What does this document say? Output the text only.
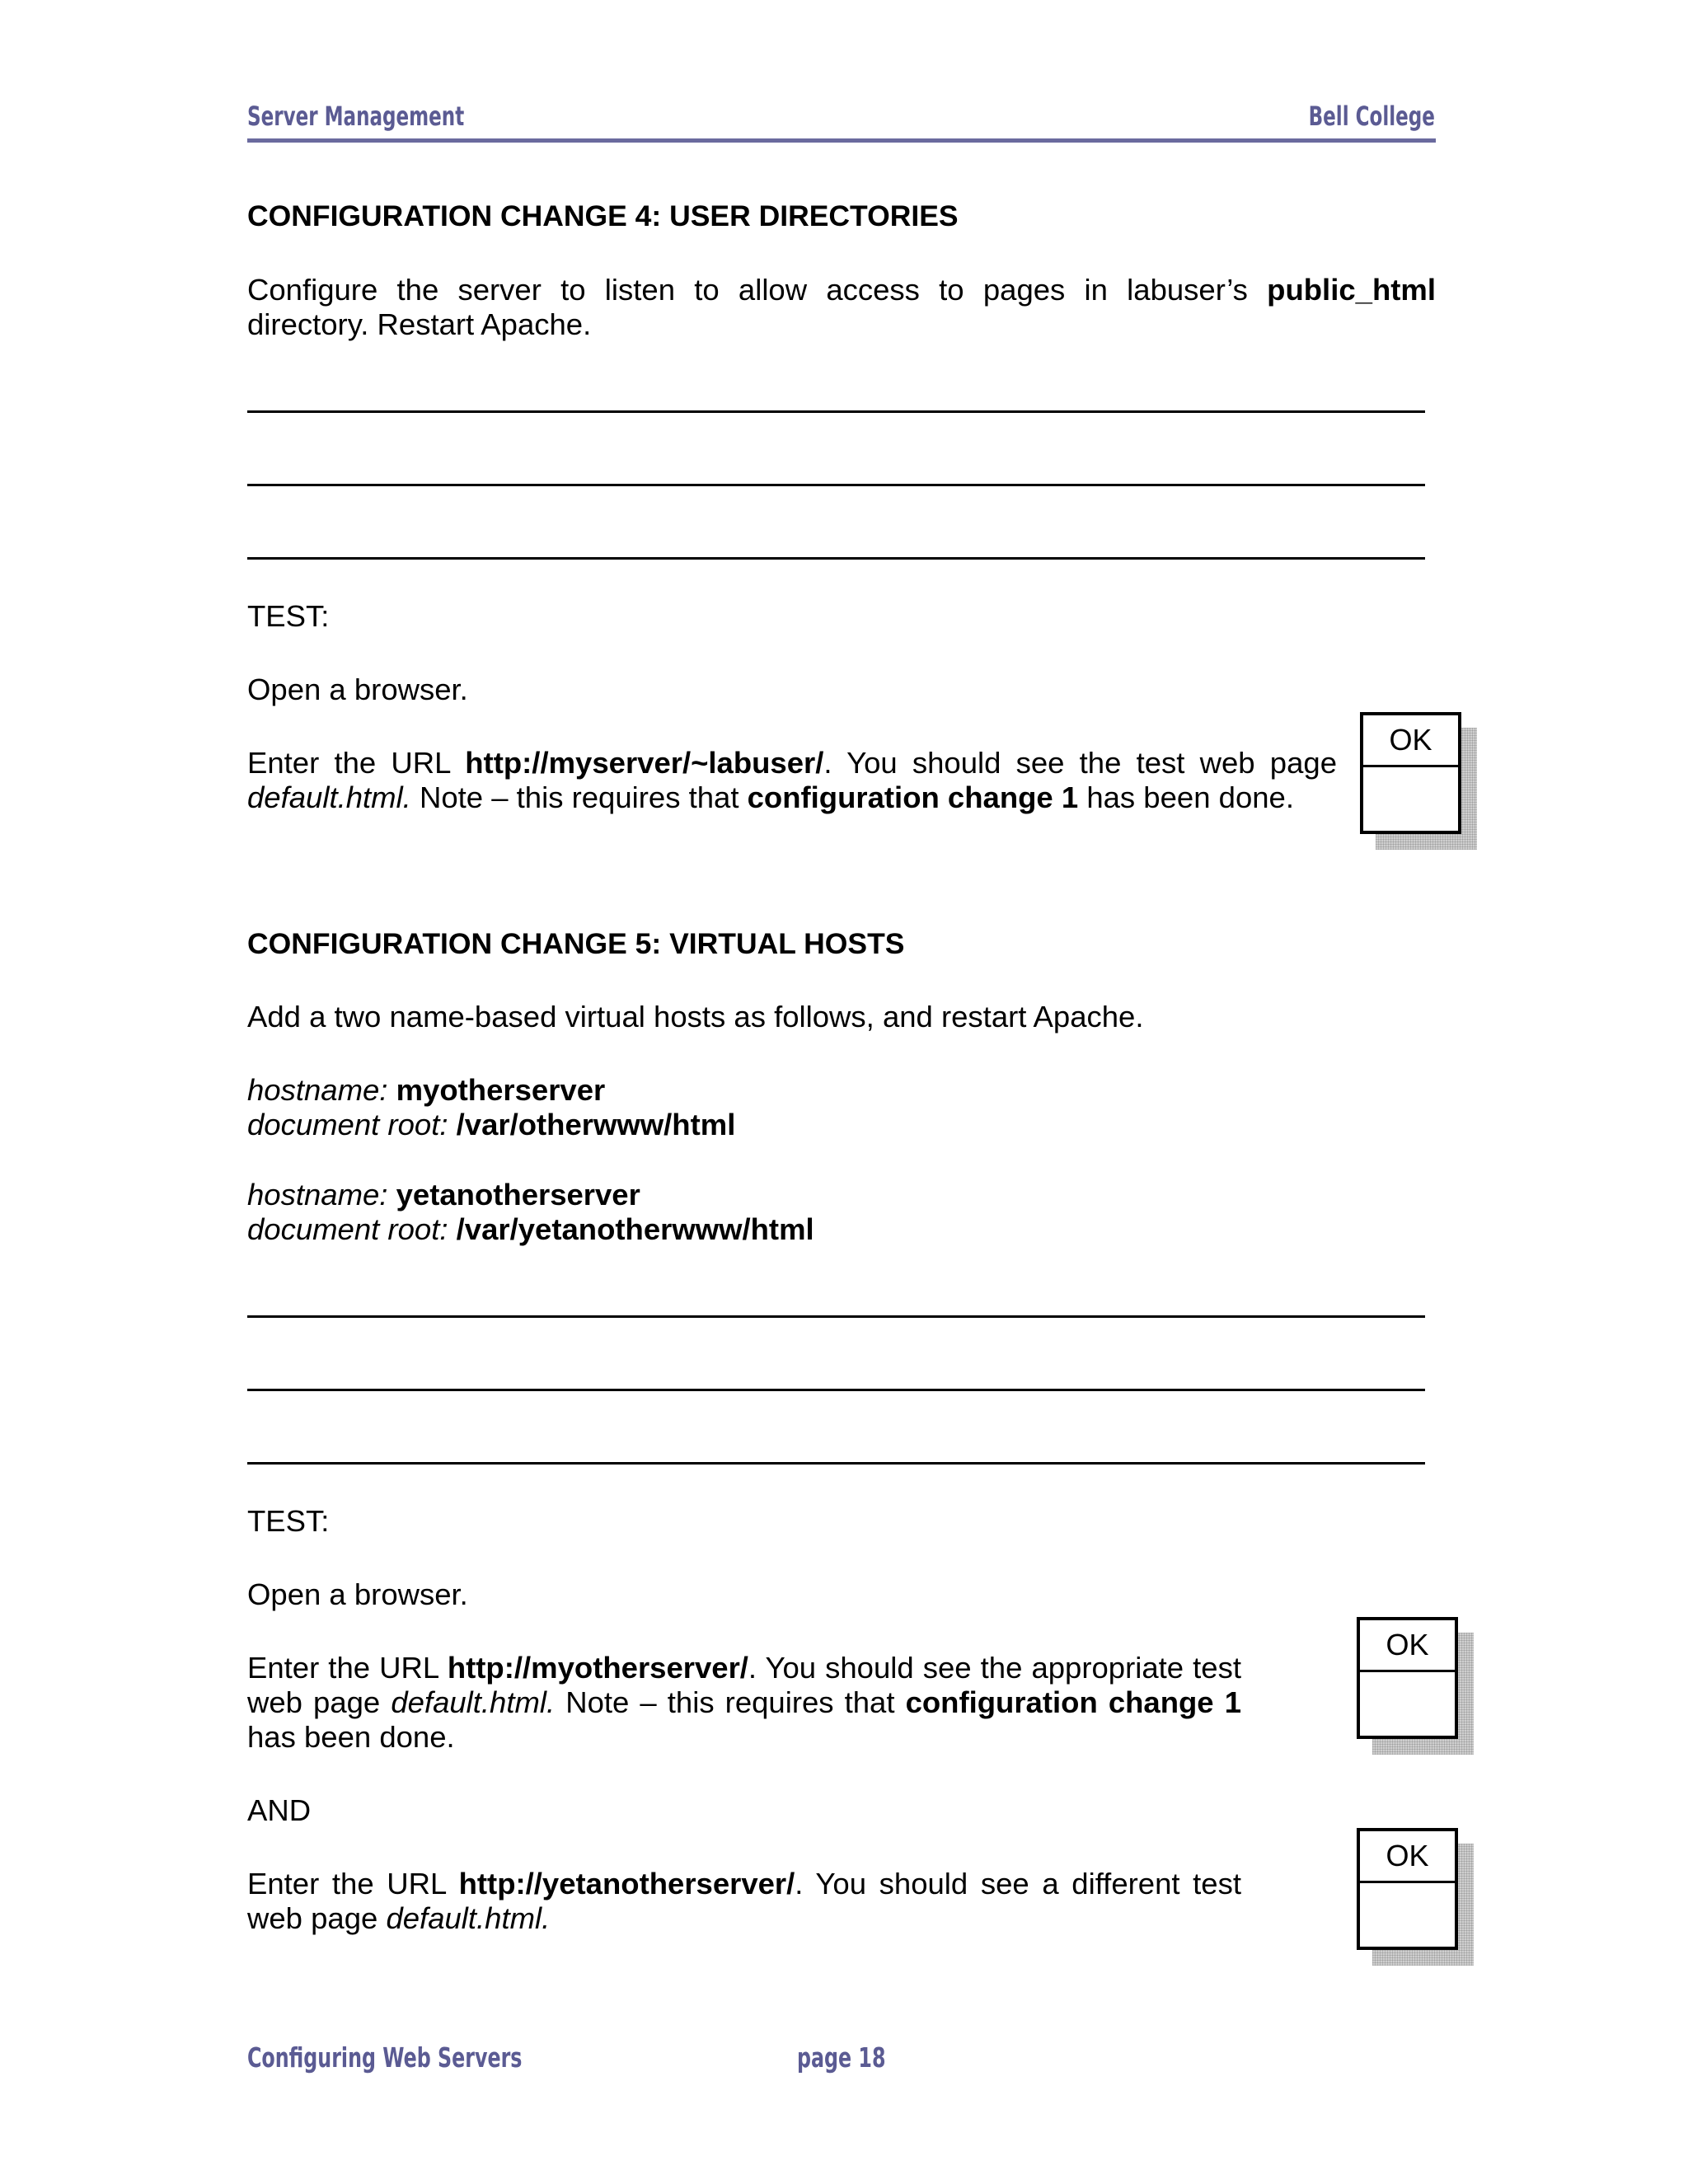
Server Management	Bell College
CONFIGURATION CHANGE 4: USER DIRECTORIES
Configure the server to listen to allow access to pages in labuser’s public_html
directory. Restart Apache.
TEST:
Open a browser.
Enter the URL http://myserver/~labuser/. You should see the test web page default.html. Note – this requires that configuration change 1 has been done.
OK
CONFIGURATION CHANGE 5: VIRTUAL HOSTS
Add a two name-based virtual hosts as follows, and restart Apache.
hostname: myotherserver
document root: /var/otherwww/html
hostname: yetanotherserver
document root: /var/yetanotherwww/html
TEST:
Open a browser.
Enter the URL http://myotherserver/. You should see the appropriate test web page default.html. Note – this requires that configuration change 1 has been done.
OK
AND
Enter the URL http://yetanotherserver/. You should see a different test web page default.html.
OK
Configuring Web Servers	page 18
